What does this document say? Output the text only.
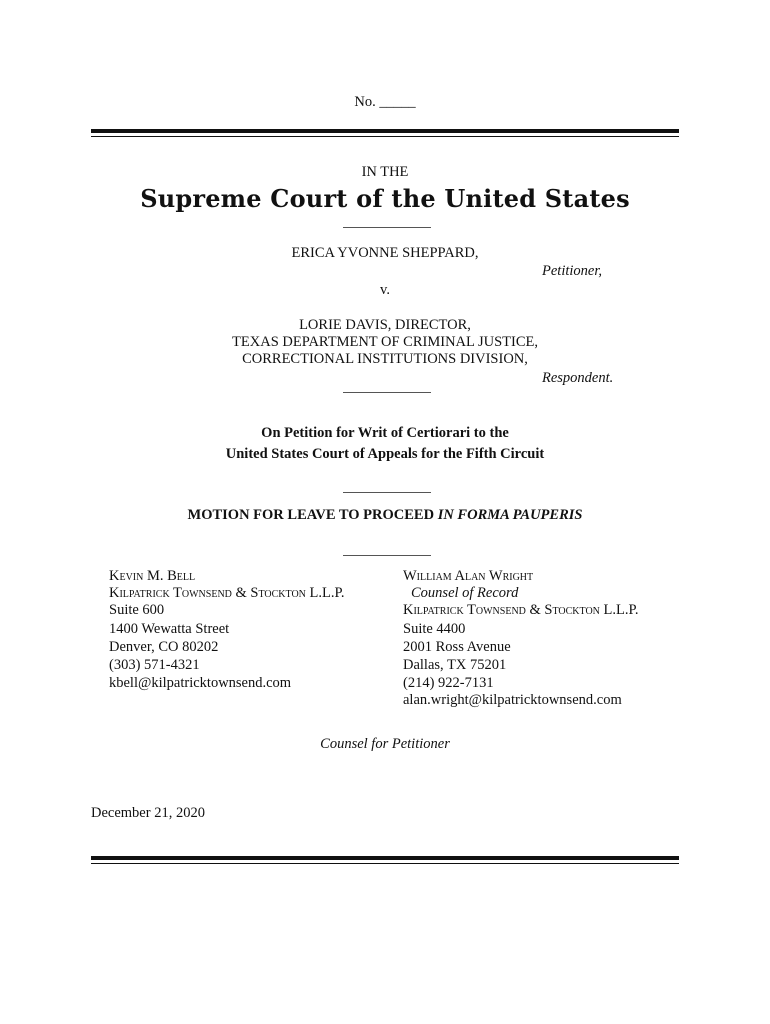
No. _____
IN THE
Supreme Court of the United States
ERICA YVONNE SHEPPARD,
Petitioner,
v.
LORIE DAVIS, DIRECTOR,
TEXAS DEPARTMENT OF CRIMINAL JUSTICE,
CORRECTIONAL INSTITUTIONS DIVISION,
Respondent.
On Petition for Writ of Certiorari to the
United States Court of Appeals for the Fifth Circuit
MOTION FOR LEAVE TO PROCEED IN FORMA PAUPERIS
Kevin M. Bell
Kilpatrick Townsend & Stockton L.L.P.
Suite 600
1400 Wewatta Street
Denver, CO 80202
(303) 571-4321
kbell@kilpatricktownsend.com
William Alan Wright
Counsel of Record
Kilpatrick Townsend & Stockton L.L.P.
Suite 4400
2001 Ross Avenue
Dallas, TX 75201
(214) 922-7131
alan.wright@kilpatricktownsend.com
Counsel for Petitioner
December 21, 2020
